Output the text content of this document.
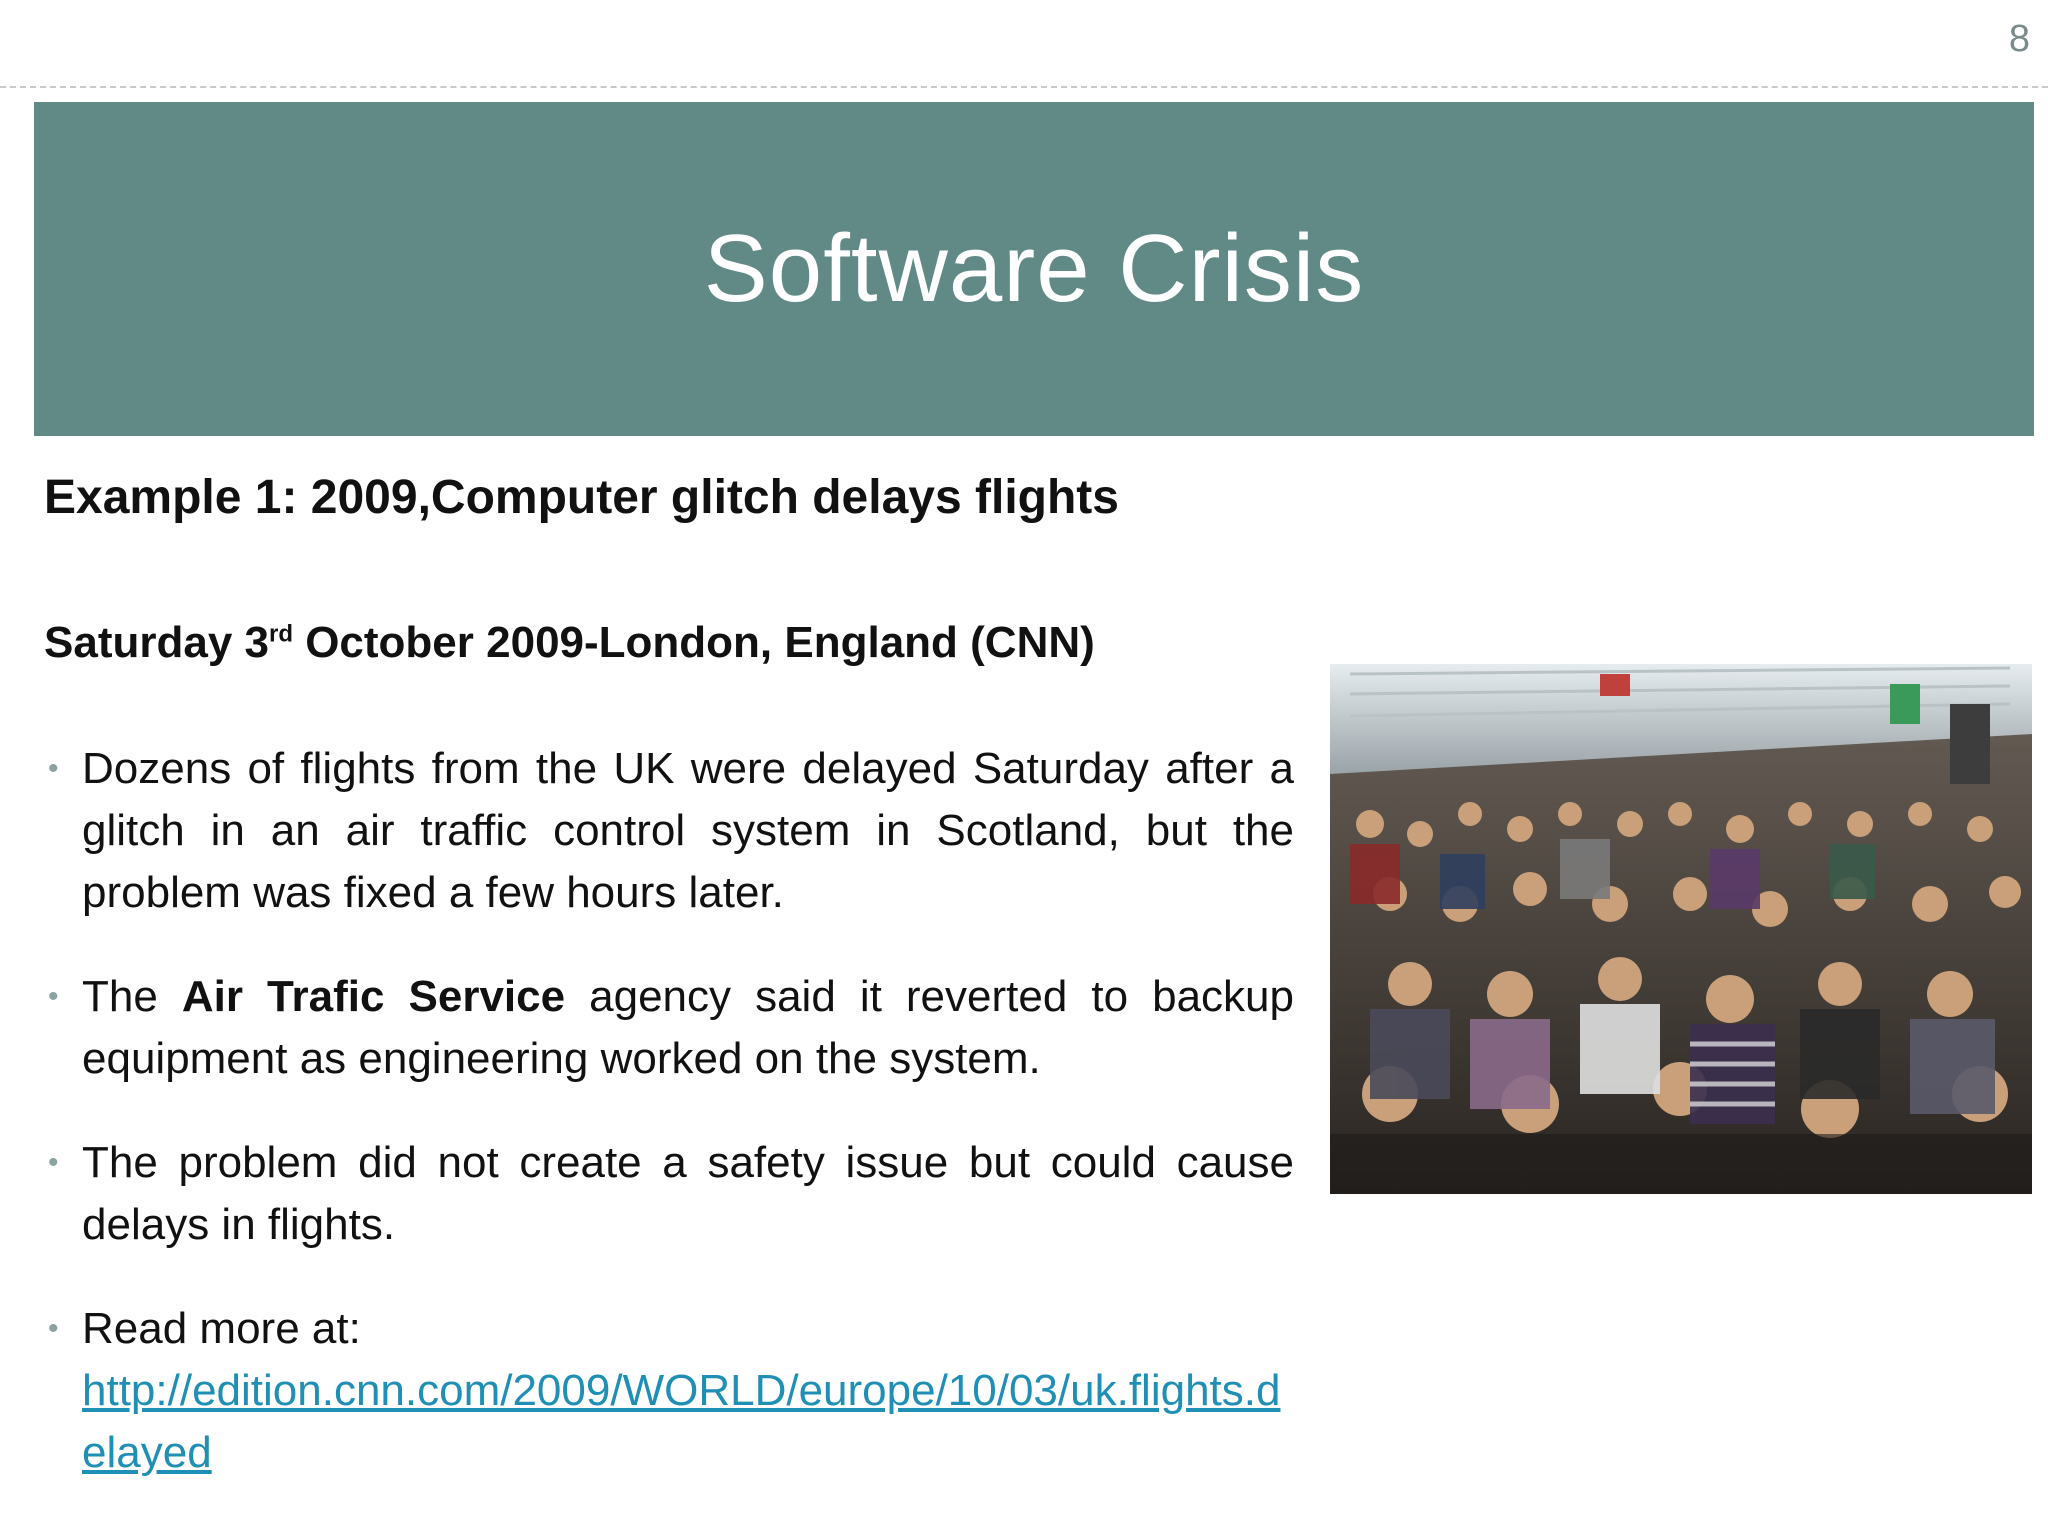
8
Software Crisis
Example 1: 2009,Computer glitch delays flights
Saturday 3rd October 2009-London, England (CNN)
• Dozens of flights from the UK were delayed Saturday after a glitch in an air traffic control system in Scotland, but the problem was fixed a few hours later.
• The Air Trafic Service agency said it reverted to backup equipment as engineering worked on the system.
• The problem did not create a safety issue but could cause delays in flights.
• Read more at:
http://edition.cnn.com/2009/WORLD/europe/10/03/uk.flights.delayed
